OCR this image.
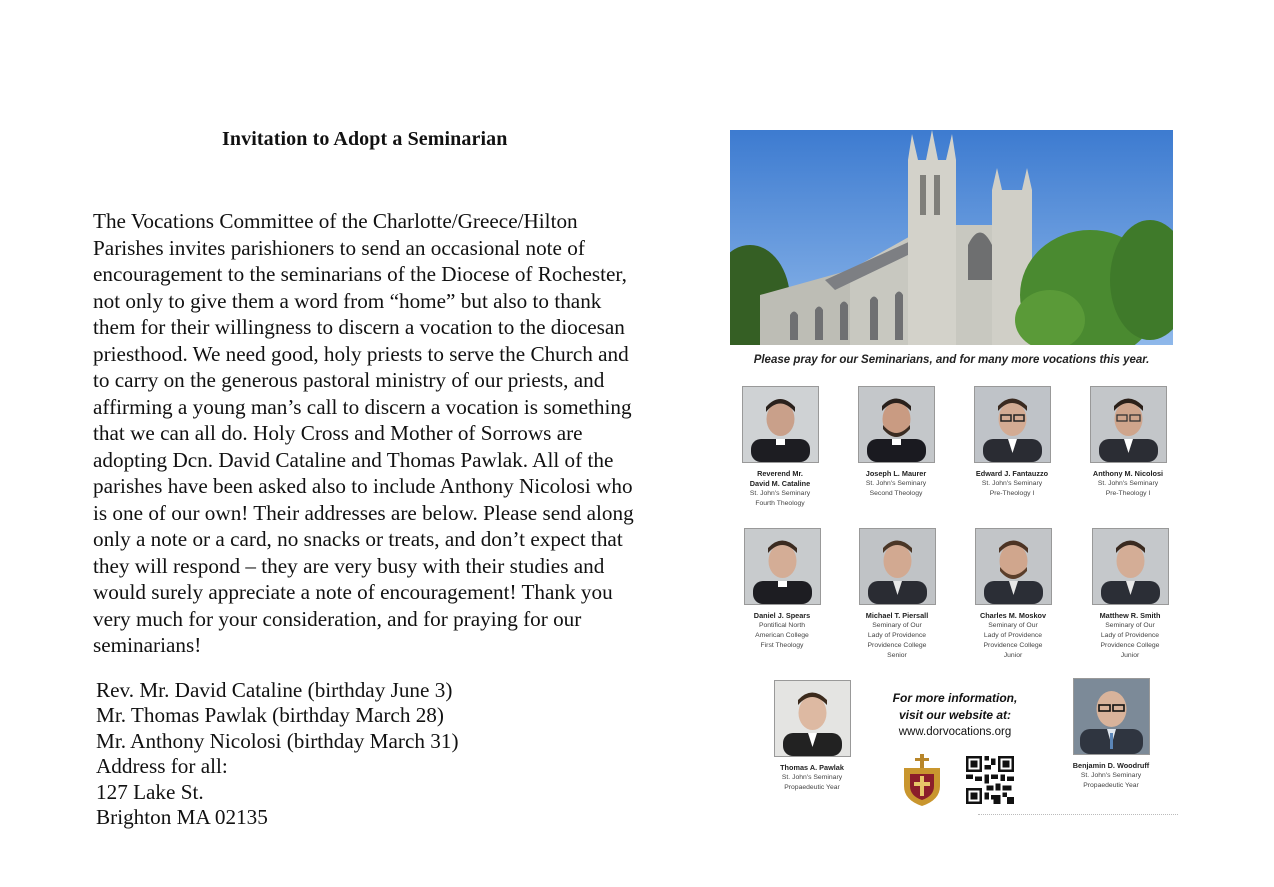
Invitation to Adopt a Seminarian

The Vocations Committee of the Charlotte/Greece/Hilton
Parishes invites parishioners to send an occasional note of
encouragement to the seminarians of the Diocese of Rochester,
not only to give them a word from “home” but also to thank
them for their willingness to discern a vocation to the diocesan
priesthood. We need good, holy priests to serve the Church and
to carry on the generous pastoral ministry of our priests, and
affirming a young man’s call to discern a vocation is something
that we can all do. Holy Cross and Mother of Sorrows are
adopting Dcn. David Cataline and Thomas Pawlak. All of the
parishes have been asked also to include Anthony Nicolosi who
is one of our own! Their addresses are below. Please send along
only a note or a card, no snacks or treats, and don’t expect that
they will respond – they are very busy with their studies and
would surely appreciate a note of encouragement! Thank you
very much for your consideration, and for praying for our
seminarians!

Rev. Mr. David Cataline (birthday June 3)
Mr. Thomas Pawlak (birthday March 28)
Mr. Anthony Nicolosi (birthday March 31)
Address for all:
127 Lake St.
Brighton MA 02135

Please pray for our Seminarians, and for many more vocations this year.

Reverend Mr.
David M. Cataline
St. John's Seminary
Fourth Theology
Joseph L. Maurer
St. John's Seminary
Second Theology
Edward J. Fantauzzo
St. John's Seminary
Pre-Theology I
Anthony M. Nicolosi
St. John's Seminary
Pre-Theology I
Daniel J. Spears
Pontifical North
American College
First Theology
Michael T. Piersall
Seminary of Our
Lady of Providence
Providence College
Senior
Charles M. Moskov
Seminary of Our
Lady of Providence
Providence College
Junior
Matthew R. Smith
Seminary of Our
Lady of Providence
Providence College
Junior
Thomas A. Pawlak
St. John's Seminary
Propaedeutic Year

For more information,
visit our website at:

www.dorvocations.org

Benjamin D. Woodruff
St. John's Seminary
Propaedeutic Year
